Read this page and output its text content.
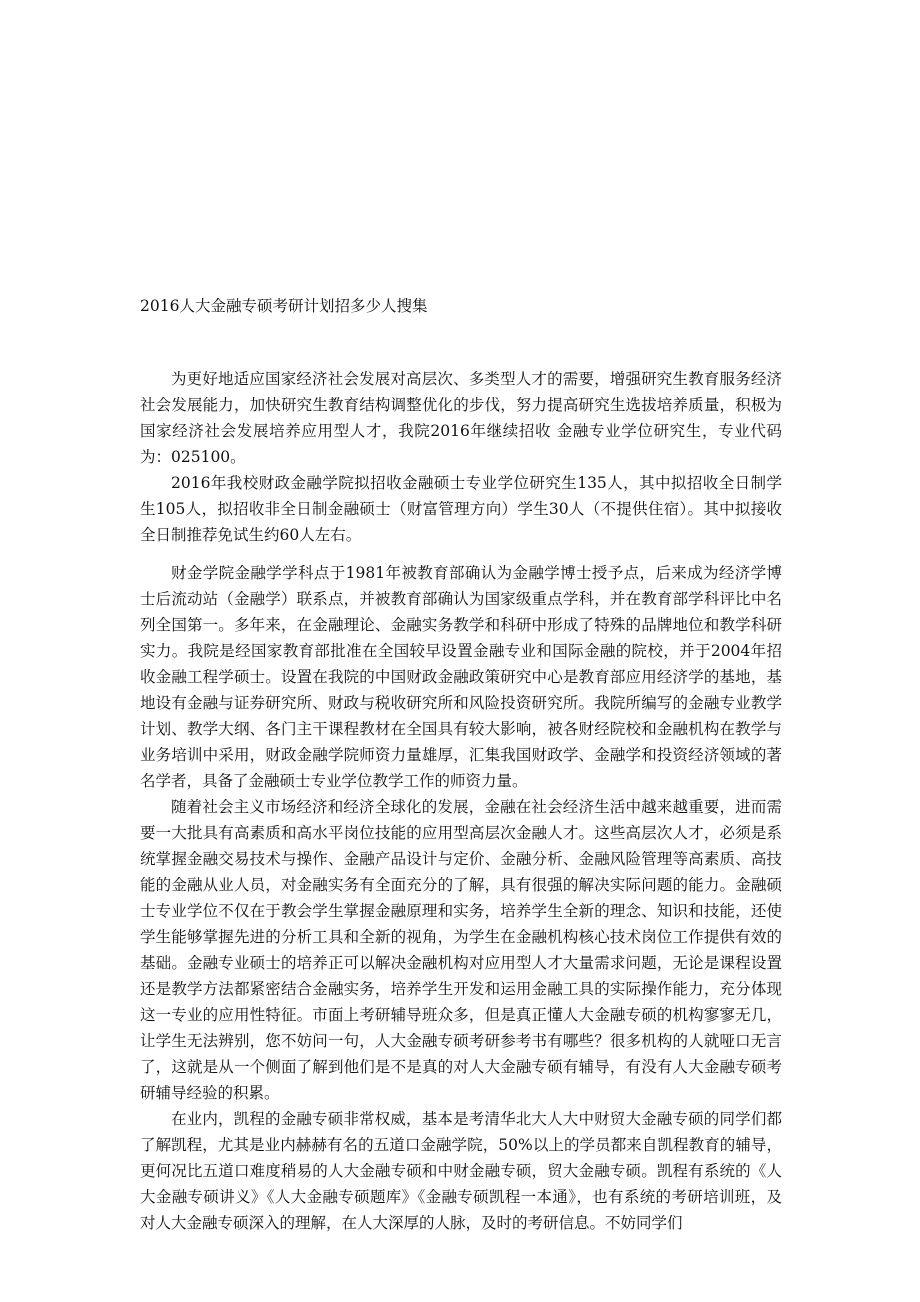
2016人大金融专硕考研计划招多少人搜集

为更好地适应国家经济社会发展对高层次、多类型人才的需要，增强研究生教育服务经济社会发展能力，加快研究生教育结构调整优化的步伐，努力提高研究生选拔培养质量，积极为国家经济社会发展培养应用型人才，我院2016年继续招收 金融专业学位研究生，专业代码为：025100。

2016年我校财政金融学院拟招收金融硕士专业学位研究生135人，其中拟招收全日制学生105人，拟招收非全日制金融硕士（财富管理方向）学生30人（不提供住宿）。其中拟接收全日制推荐免试生约60人左右。

财金学院金融学学科点于1981年被教育部确认为金融学博士授予点，后来成为经济学博士后流动站（金融学）联系点，并被教育部确认为国家级重点学科，并在教育部学科评比中名列全国第一。多年来，在金融理论、金融实务教学和科研中形成了特殊的品牌地位和教学科研实力。我院是经国家教育部批准在全国较早设置金融专业和国际金融的院校，并于2004年招收金融工程学硕士。设置在我院的中国财政金融政策研究中心是教育部应用经济学的基地，基地设有金融与证券研究所、财政与税收研究所和风险投资研究所。我院所编写的金融专业教学计划、教学大纲、各门主干课程教材在全国具有较大影响，被各财经院校和金融机构在教学与业务培训中采用，财政金融学院师资力量雄厚，汇集我国财政学、金融学和投资经济领域的著名学者，具备了金融硕士专业学位教学工作的师资力量。

随着社会主义市场经济和经济全球化的发展，金融在社会经济生活中越来越重要，进而需要一大批具有高素质和高水平岗位技能的应用型高层次金融人才。这些高层次人才，必须是系统掌握金融交易技术与操作、金融产品设计与定价、金融分析、金融风险管理等高素质、高技能的金融从业人员，对金融实务有全面充分的了解，具有很强的解决实际问题的能力。金融硕士专业学位不仅在于教会学生掌握金融原理和实务，培养学生全新的理念、知识和技能，还使学生能够掌握先进的分析工具和全新的视角，为学生在金融机构核心技术岗位工作提供有效的基础。金融专业硕士的培养正可以解决金融机构对应用型人才大量需求问题，无论是课程设置还是教学方法都紧密结合金融实务，培养学生开发和运用金融工具的实际操作能力，充分体现这一专业的应用性特征。市面上考研辅导班众多，但是真正懂人大金融专硕的机构寥寥无几，让学生无法辨别，您不妨问一句，人大金融专硕考研参考书有哪些？很多机构的人就哑口无言了，这就是从一个侧面了解到他们是不是真的对人大金融专硕有辅导，有没有人大金融专硕考研辅导经验的积累。

在业内，凯程的金融专硕非常权威，基本是考清华北大人大中财贸大金融专硕的同学们都了解凯程，尤其是业内赫赫有名的五道口金融学院，50%以上的学员都来自凯程教育的辅导，更何况比五道口难度稍易的人大金融专硕和中财金融专硕，贸大金融专硕。凯程有系统的《人大金融专硕讲义》《人大金融专硕题库》《金融专硕凯程一本通》，也有系统的考研培训班，及对人大金融专硕深入的理解，在人大深厚的人脉，及时的考研信息。不妨同学们
